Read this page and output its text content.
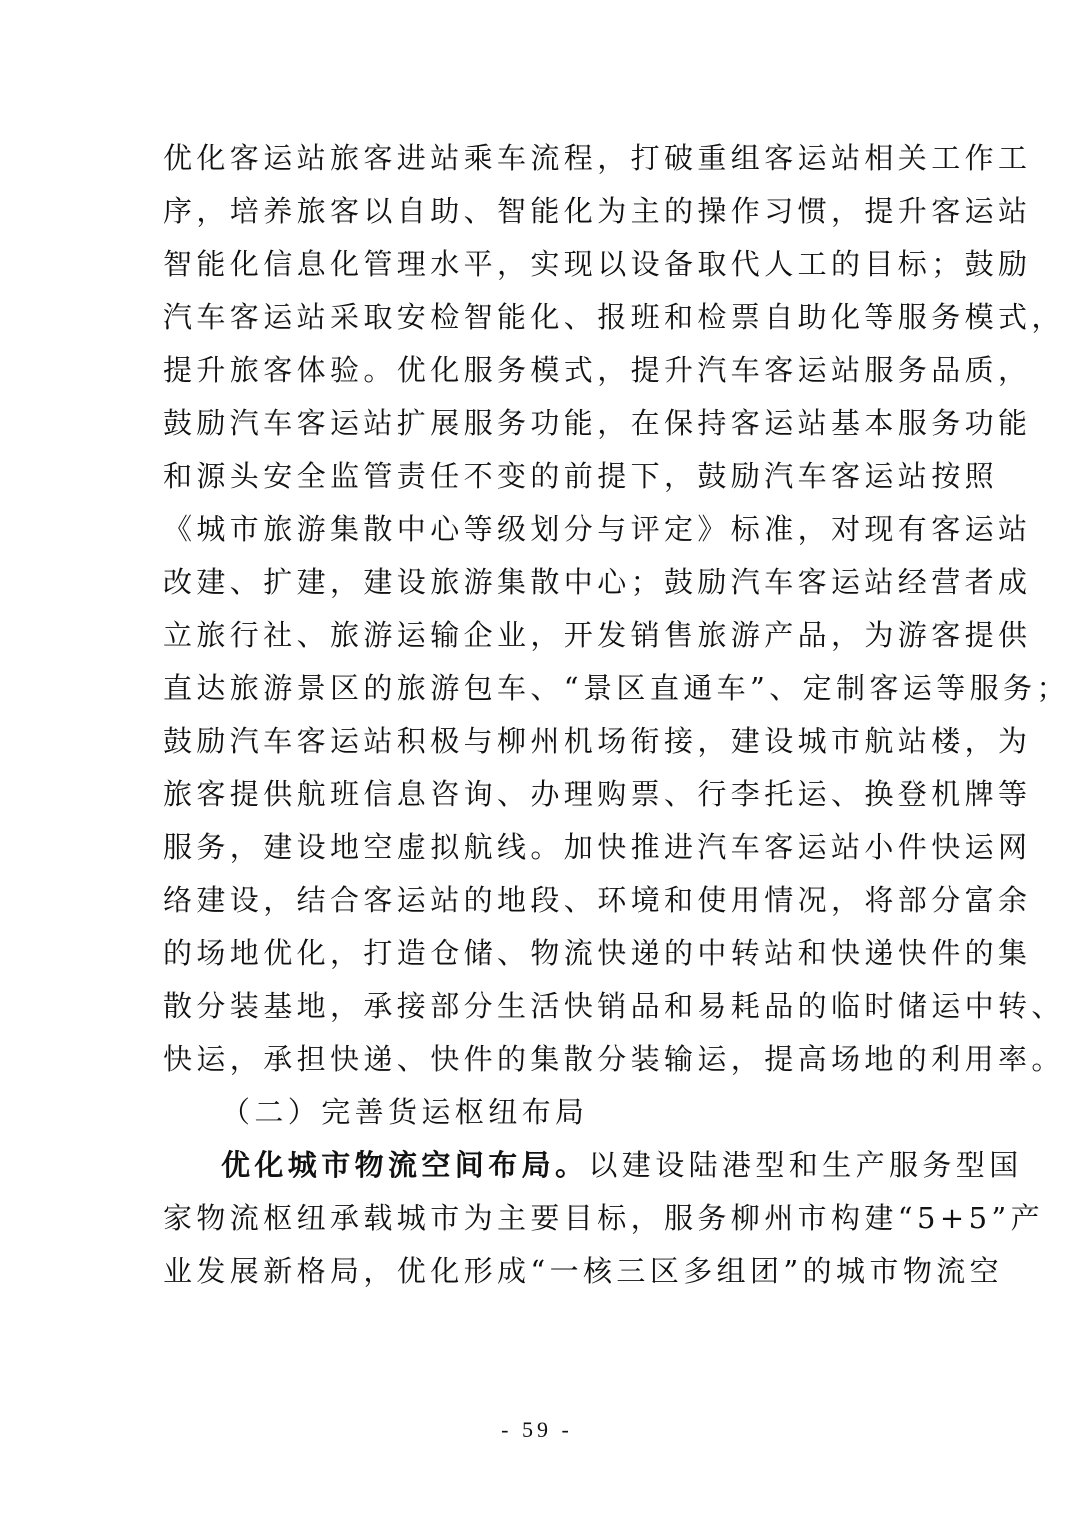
优化客运站旅客进站乘车流程，打破重组客运站相关工作工
序，培养旅客以自助、智能化为主的操作习惯，提升客运站
智能化信息化管理水平，实现以设备取代人工的目标；鼓励
汽车客运站采取安检智能化、报班和检票自助化等服务模式，
提升旅客体验。优化服务模式，提升汽车客运站服务品质，
鼓励汽车客运站扩展服务功能，在保持客运站基本服务功能
和源头安全监管责任不变的前提下，鼓励汽车客运站按照
《城市旅游集散中心等级划分与评定》标准，对现有客运站
改建、扩建，建设旅游集散中心；鼓励汽车客运站经营者成
立旅行社、旅游运输企业，开发销售旅游产品，为游客提供
直达旅游景区的旅游包车、“景区直通车”、定制客运等服务；
鼓励汽车客运站积极与柳州机场衔接，建设城市航站楼，为
旅客提供航班信息咨询、办理购票、行李托运、换登机牌等
服务，建设地空虚拟航线。加快推进汽车客运站小件快运网
络建设，结合客运站的地段、环境和使用情况，将部分富余
的场地优化，打造仓储、物流快递的中转站和快递快件的集
散分装基地，承接部分生活快销品和易耗品的临时储运中转、
快运，承担快递、快件的集散分装输运，提高场地的利用率。
（二）完善货运枢纽布局
优化城市物流空间布局。以建设陆港型和生产服务型国
家物流枢纽承载城市为主要目标，服务柳州市构建“5+5”产
业发展新格局，优化形成“一核三区多组团”的城市物流空
- 59 -
